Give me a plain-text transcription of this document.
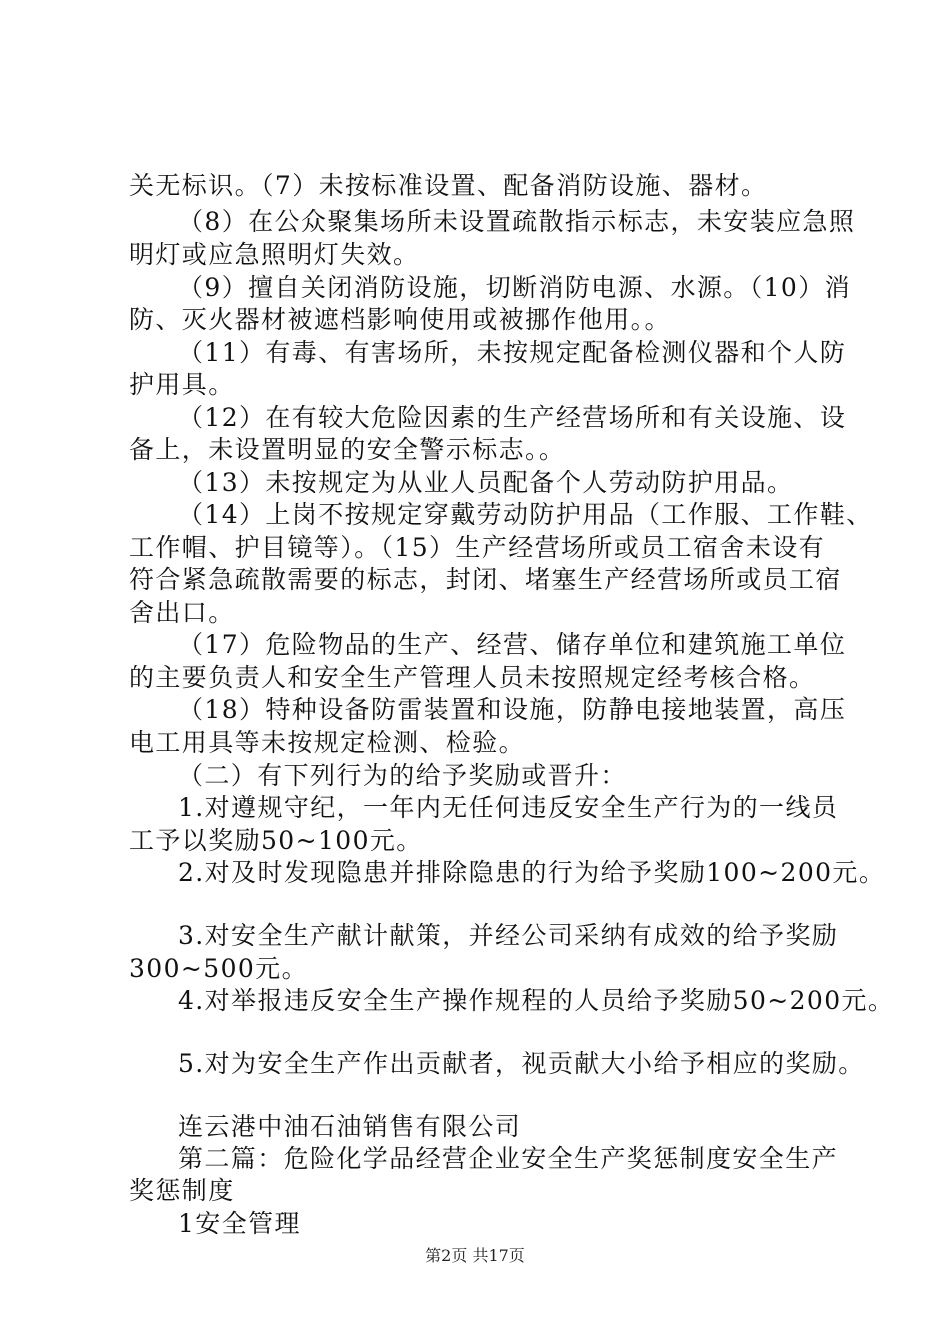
关无标识。（7）未按标准设置、配备消防设施、器材。
（8）在公众聚集场所未设置疏散指示标志，未安装应急照
明灯或应急照明灯失效。
（9）擅自关闭消防设施，切断消防电源、水源。（10）消
防、灭火器材被遮档影响使用或被挪作他用。。
（11）有毒、有害场所，未按规定配备检测仪器和个人防
护用具。
（12）在有较大危险因素的生产经营场所和有关设施、设
备上，未设置明显的安全警示标志。。
（13）未按规定为从业人员配备个人劳动防护用品。
（14）上岗不按规定穿戴劳动防护用品（工作服、工作鞋、
工作帽、护目镜等）。（15）生产经营场所或员工宿舍未设有
符合紧急疏散需要的标志，封闭、堵塞生产经营场所或员工宿
舍出口。
（17）危险物品的生产、经营、储存单位和建筑施工单位
的主要负责人和安全生产管理人员未按照规定经考核合格。
（18）特种设备防雷装置和设施，防静电接地装置，高压
电工用具等未按规定检测、检验。
（二）有下列行为的给予奖励或晋升：
1.对遵规守纪，一年内无任何违反安全生产行为的一线员
工予以奖励50~100元。
2.对及时发现隐患并排除隐患的行为给予奖励100~200元。
3.对安全生产献计献策，并经公司采纳有成效的给予奖励
300~500元。
4.对举报违反安全生产操作规程的人员给予奖励50~200元。
5.对为安全生产作出贡献者，视贡献大小给予相应的奖励。
连云港中油石油销售有限公司
第二篇：危险化学品经营企业安全生产奖惩制度安全生产
奖惩制度
1安全管理
第2页 共17页
